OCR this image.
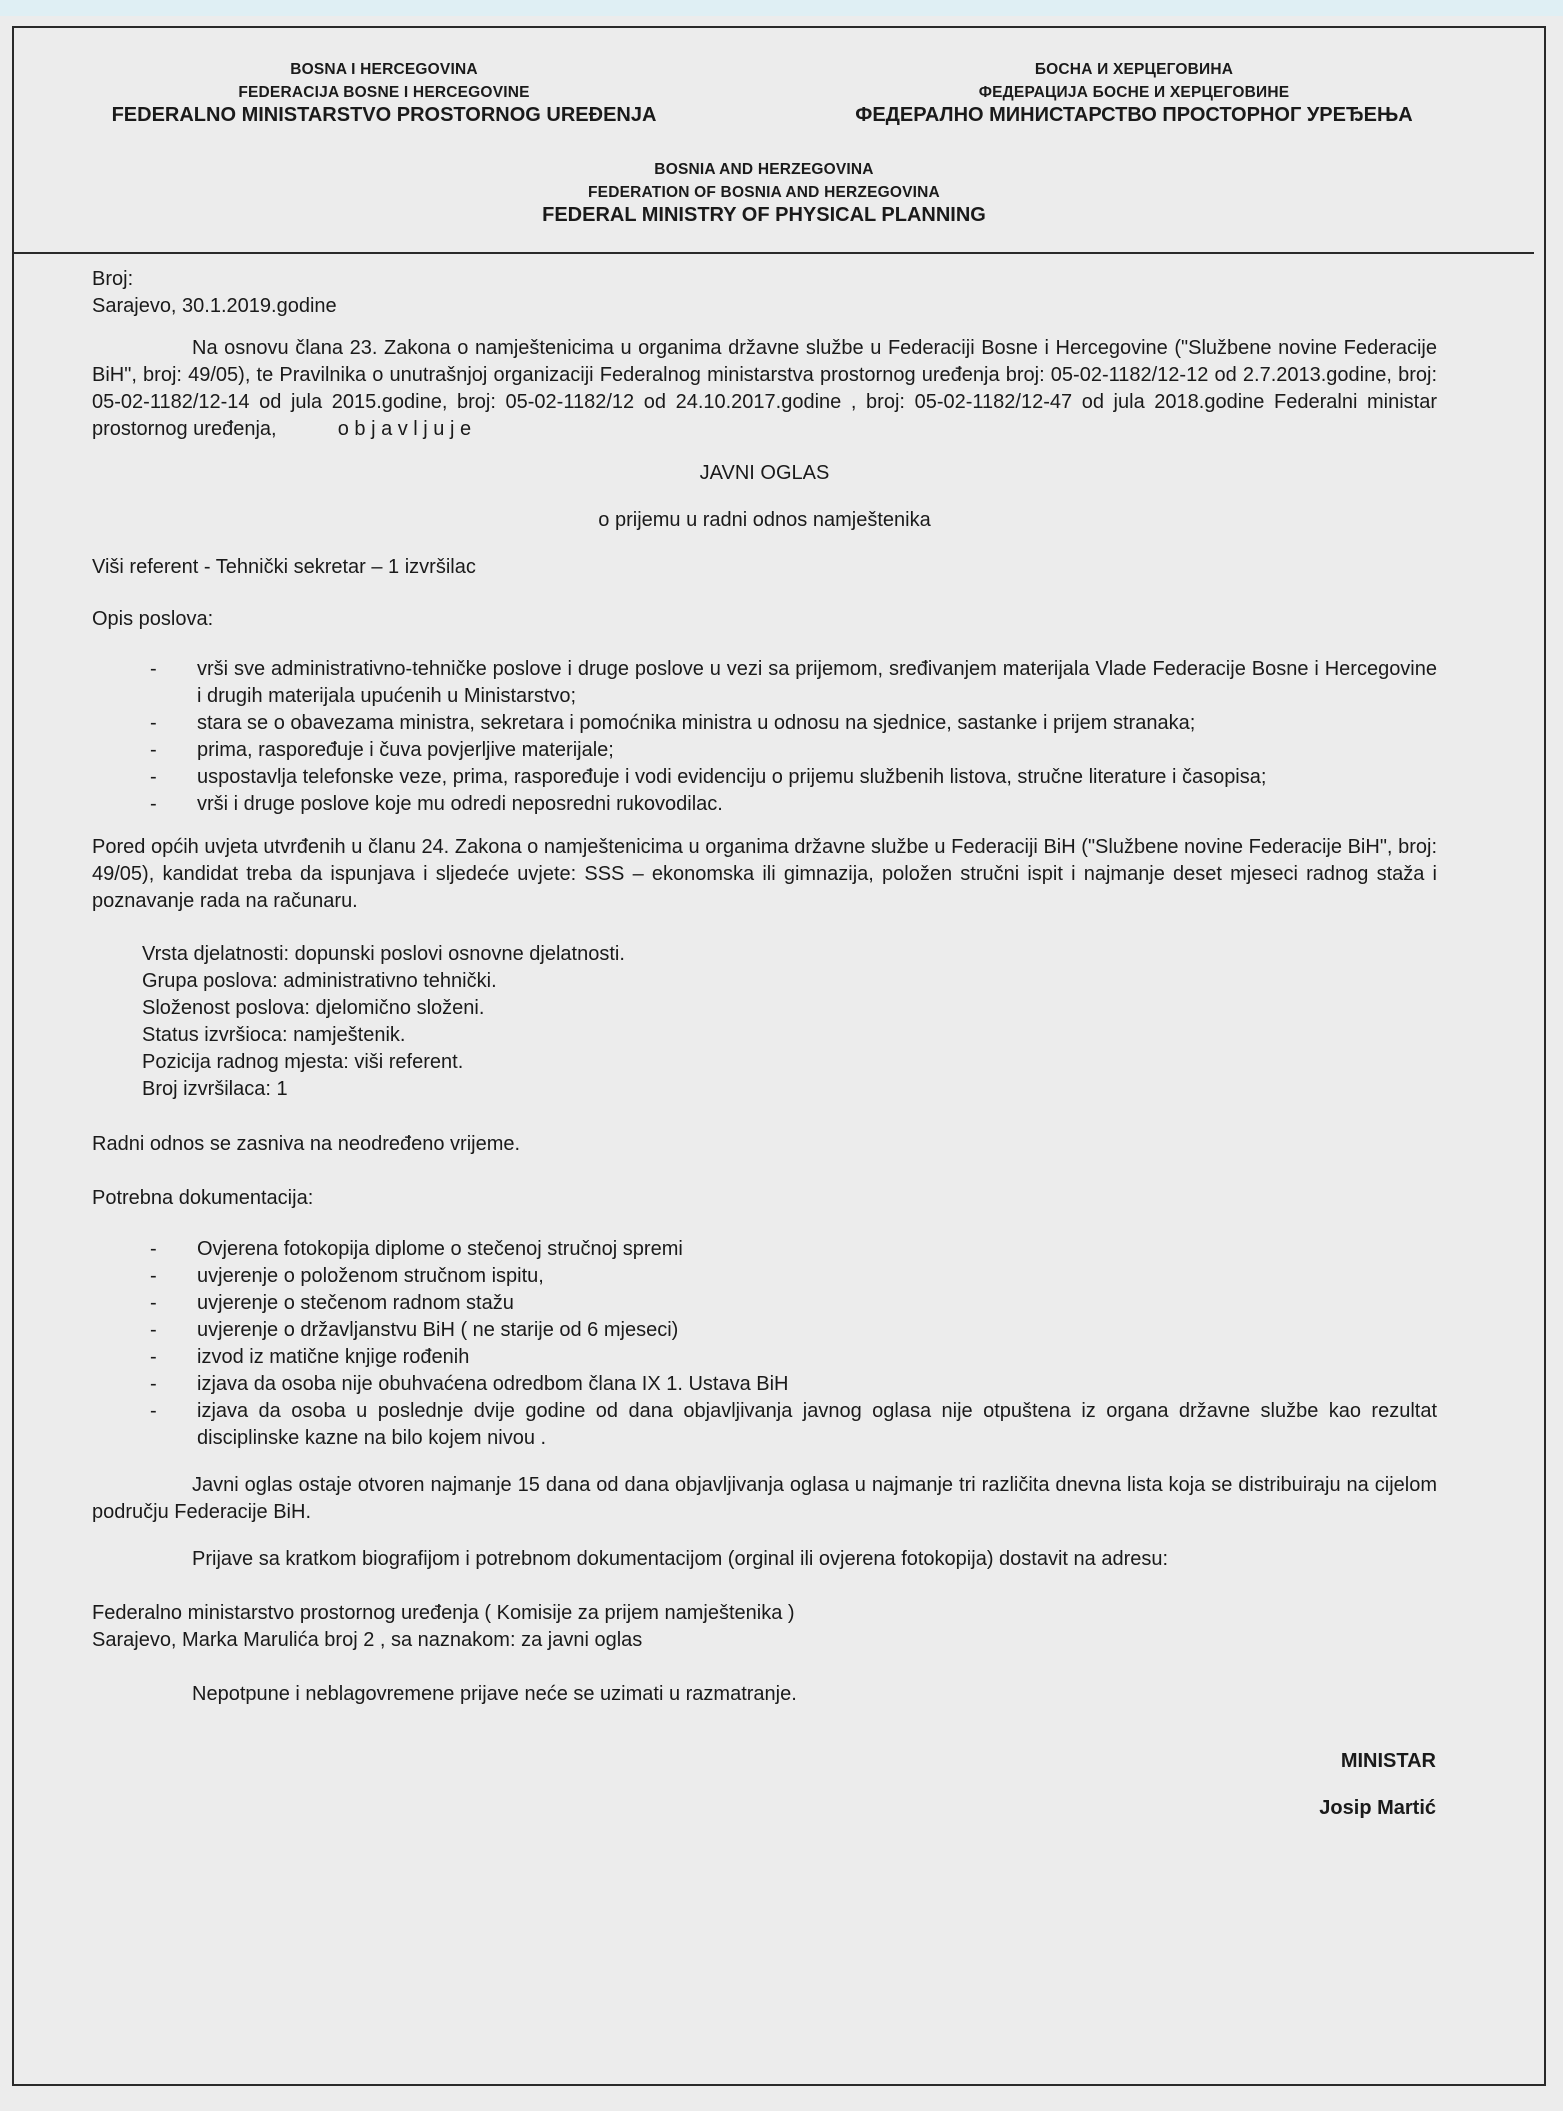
BOSNA I HERCEGOVINA
FEDERACIJA BOSNE I HERCEGOVINE
FEDERALNO MINISTARSTVO PROSTORNOG UREĐENJA
БОСНА И ХЕРЦЕГОВИНА
ФЕДЕРАЦИЈА БОСНЕ И ХЕРЦЕГОВИНЕ
ФЕДЕРАЛНО МИНИСТАРСТВО ПРОСТОРНОГ УРЕЂЕЊА
BOSNIA AND HERZEGOVINA
FEDERATION OF BOSNIA AND HERZEGOVINA
FEDERAL MINISTRY OF PHYSICAL PLANNING

Broj:

Sarajevo, 30.1.2019.godine

Na osnovu člana 23. Zakona o namještenicima u organima državne službe u Federaciji Bosne i Hercegovine ("Službene novine Federacije BiH", broj: 49/05), te Pravilnika o unutrašnjoj organizaciji Federalnog ministarstva prostornog uređenja broj: 05-02-1182/12-12 od 2.7.2013.godine, broj: 05-02-1182/12-14 od jula 2015.godine, broj: 05-02-1182/12 od 24.10.2017.godine , broj: 05-02-1182/12-47 od jula 2018.godine Federalni ministar prostornog uređenja,	o b j a v l j u j e

JAVNI OGLAS

o prijemu u radni odnos namještenika

Viši referent - Tehnički sekretar – 1 izvršilac

Opis poslova:

- vrši sve administrativno-tehničke poslove i druge poslove u vezi sa prijemom, sređivanjem materijala Vlade Federacije Bosne i Hercegovine i drugih materijala upućenih u Ministarstvo;
- stara se o obavezama ministra, sekretara i pomoćnika ministra u odnosu na sjednice, sastanke i prijem stranaka;
- prima, raspoređuje i čuva povjerljive materijale;
- uspostavlja telefonske veze, prima, raspoređuje i vodi evidenciju o prijemu službenih listova, stručne literature i časopisa;
- vrši i druge poslove koje mu odredi neposredni rukovodilac.

Pored općih uvjeta utvrđenih u članu 24. Zakona o namještenicima u organima državne službe u Federaciji BiH ("Službene novine Federacije BiH", broj: 49/05), kandidat treba da ispunjava i sljedeće uvjete: SSS – ekonomska ili gimnazija, položen stručni ispit i najmanje deset mjeseci radnog staža i poznavanje rada na računaru.

Vrsta djelatnosti: dopunski poslovi osnovne djelatnosti.

Grupa poslova: administrativno tehnički.

Složenost poslova: djelomično složeni.

Status izvršioca: namještenik.

Pozicija radnog mjesta: viši referent.

Broj izvršilaca: 1

Radni odnos se zasniva na neodređeno vrijeme.

Potrebna dokumentacija:

- Ovjerena fotokopija diplome o stečenoj stručnoj spremi
- uvjerenje o položenom stručnom ispitu,
- uvjerenje o stečenom radnom stažu
- uvjerenje o državljanstvu BiH ( ne starije od 6 mjeseci)
- izvod iz matične knjige rođenih
- izjava da osoba nije obuhvaćena odredbom člana IX 1. Ustava BiH
- izjava da osoba u poslednje dvije godine od dana objavljivanja javnog oglasa nije otpuštena iz organa državne službe kao rezultat disciplinske kazne na bilo kojem nivou .

Javni oglas ostaje otvoren najmanje 15 dana od dana objavljivanja oglasa u najmanje tri različita dnevna lista koja se distribuiraju na cijelom području Federacije BiH.

Prijave sa kratkom biografijom i potrebnom dokumentacijom (orginal ili ovjerena fotokopija) dostavit na adresu:

Federalno ministarstvo prostornog uređenja ( Komisije za prijem namještenika )

Sarajevo, Marka Marulića broj 2 , sa naznakom: za javni oglas

Nepotpune i neblagovremene prijave neće se uzimati u razmatranje.

MINISTAR

Josip Martić
